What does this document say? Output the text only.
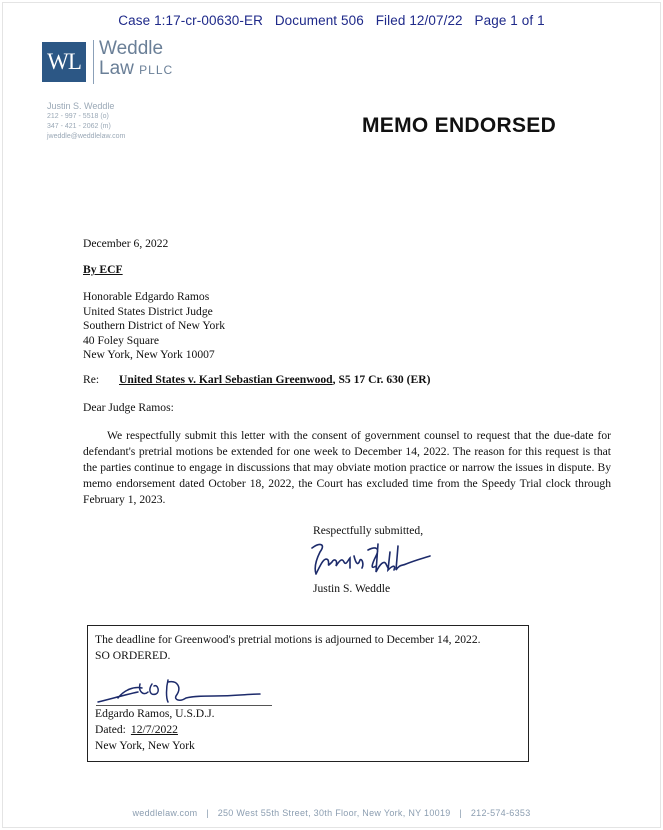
Case 1:17-cr-00630-ER Document 506 Filed 12/07/22 Page 1 of 1
WL
Weddle
Law PLLC
Justin S. Weddle
212 - 997 - 5518 (o)
347 - 421 - 2062 (m)
jweddle@weddlelaw.com	MEMO ENDORSED
December 6, 2022
By ECF
Honorable Edgardo Ramos
United States District Judge
Southern District of New York
40 Foley Square
New York, New York 10007
Re: United States v. Karl Sebastian Greenwood, S5 17 Cr. 630 (ER)
Dear Judge Ramos:
We respectfully submit this letter with the consent of government counsel to request that the due-date for defendant's pretrial motions be extended for one week to December 14, 2022. The reason for this request is that the parties continue to engage in discussions that may obviate motion practice or narrow the issues in dispute. By memo endorsement dated October 18, 2022, the Court has excluded time from the Speedy Trial clock through February 1, 2023.
Respectfully submitted,
Justin S. Weddle
The deadline for Greenwood's pretrial motions is adjourned to December 14, 2022.
SO ORDERED.
Edgardo Ramos, U.S.D.J.
Dated: 12/7/2022
New York, New York
weddlelaw.com | 250 West 55th Street, 30th Floor, New York, NY 10019 | 212-574-6353
